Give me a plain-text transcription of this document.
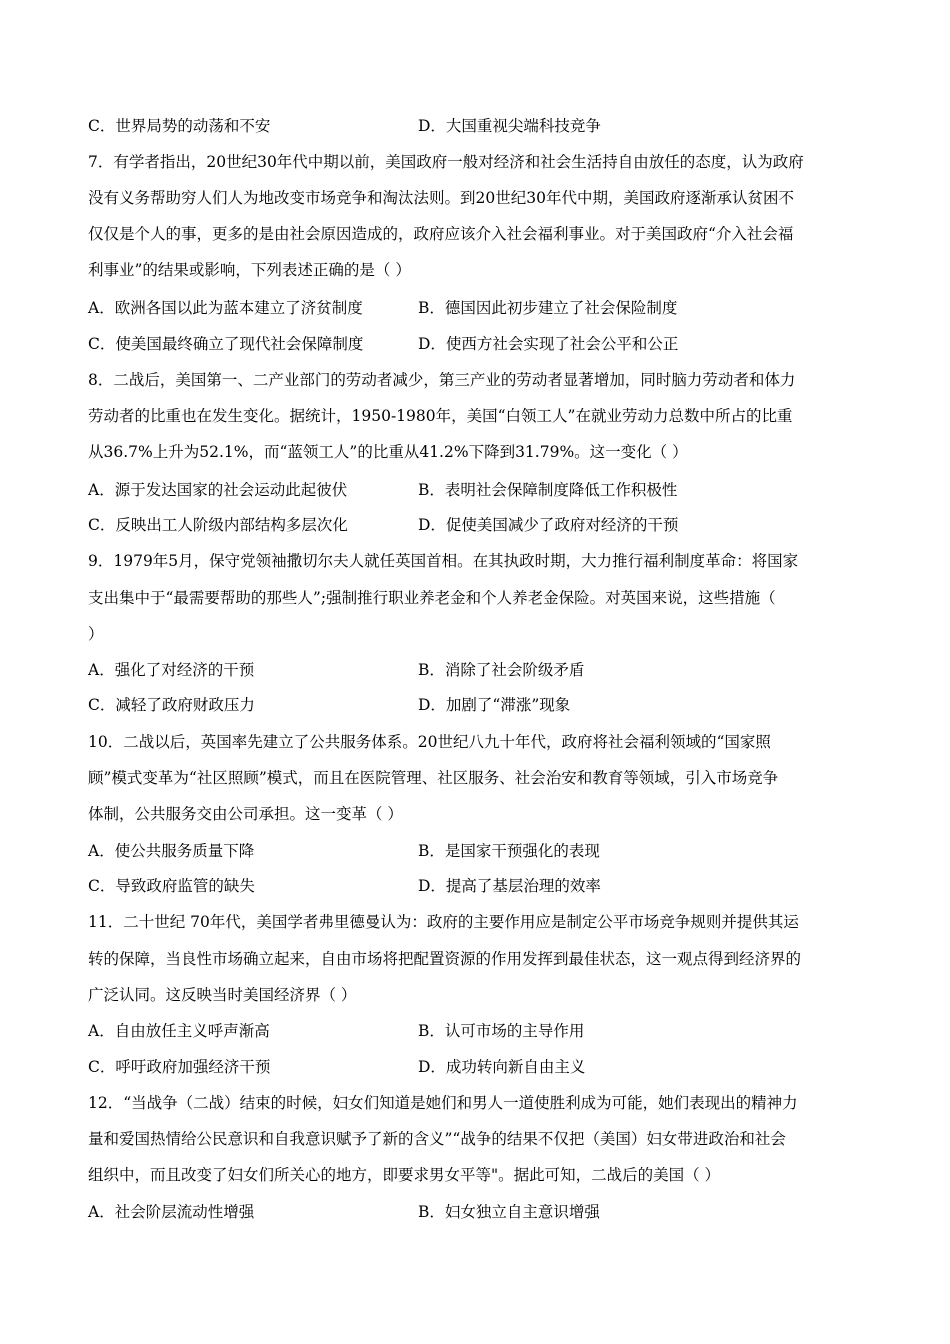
C．世界局势的动荡和不安	D．大国重视尖端科技竞争
7．有学者指出，20世纪30年代中期以前，美国政府一般对经济和社会生活持自由放任的态度，认为政府
没有义务帮助穷人们人为地改变市场竞争和淘汰法则。到20世纪30年代中期，美国政府逐渐承认贫困不
仅仅是个人的事，更多的是由社会原因造成的，政府应该介入社会福利事业。对于美国政府“介入社会福
利事业”的结果或影响，下列表述正确的是（ ）
A．欧洲各国以此为蓝本建立了济贫制度	B．德国因此初步建立了社会保险制度
C．使美国最终确立了现代社会保障制度	D．使西方社会实现了社会公平和公正
8．二战后，美国第一、二产业部门的劳动者减少，第三产业的劳动者显著增加，同时脑力劳动者和体力
劳动者的比重也在发生变化。据统计，1950-1980年，美国“白领工人”在就业劳动力总数中所占的比重
从36.7%上升为52.1%，而“蓝领工人”的比重从41.2%下降到31.79%。这一变化（ ）
A．源于发达国家的社会运动此起彼伏	B．表明社会保障制度降低工作积极性
C．反映出工人阶级内部结构多层次化	D．促使美国减少了政府对经济的干预
9．1979年5月，保守党领袖撒切尔夫人就任英国首相。在其执政时期，大力推行福利制度革命：将国家
支出集中于“最需要帮助的那些人”;强制推行职业养老金和个人养老金保险。对英国来说，这些措施（
）
A．强化了对经济的干预	B．消除了社会阶级矛盾
C．减轻了政府财政压力	D．加剧了“滞涨”现象
10．二战以后，英国率先建立了公共服务体系。20世纪八九十年代，政府将社会福利领域的“国家照
顾”模式变革为“社区照顾”模式，而且在医院管理、社区服务、社会治安和教育等领域，引入市场竞争
体制，公共服务交由公司承担。这一变革（ ）
A．使公共服务质量下降	B．是国家干预强化的表现
C．导致政府监管的缺失	D．提高了基层治理的效率
11．二十世纪 70年代，美国学者弗里德曼认为：政府的主要作用应是制定公平市场竞争规则并提供其运
转的保障，当良性市场确立起来，自由市场将把配置资源的作用发挥到最佳状态，这一观点得到经济界的
广泛认同。这反映当时美国经济界（ ）
A．自由放任主义呼声渐高	B．认可市场的主导作用
C．呼吁政府加强经济干预	D．成功转向新自由主义
12．“当战争（二战）结束的时候，妇女们知道是她们和男人一道使胜利成为可能，她们表现出的精神力
量和爱国热情给公民意识和自我意识赋予了新的含义”“战争的结果不仅把（美国）妇女带进政治和社会
组织中，而且改变了妇女们所关心的地方，即要求男女平等"。据此可知，二战后的美国（ ）
A．社会阶层流动性增强	B．妇女独立自主意识增强
